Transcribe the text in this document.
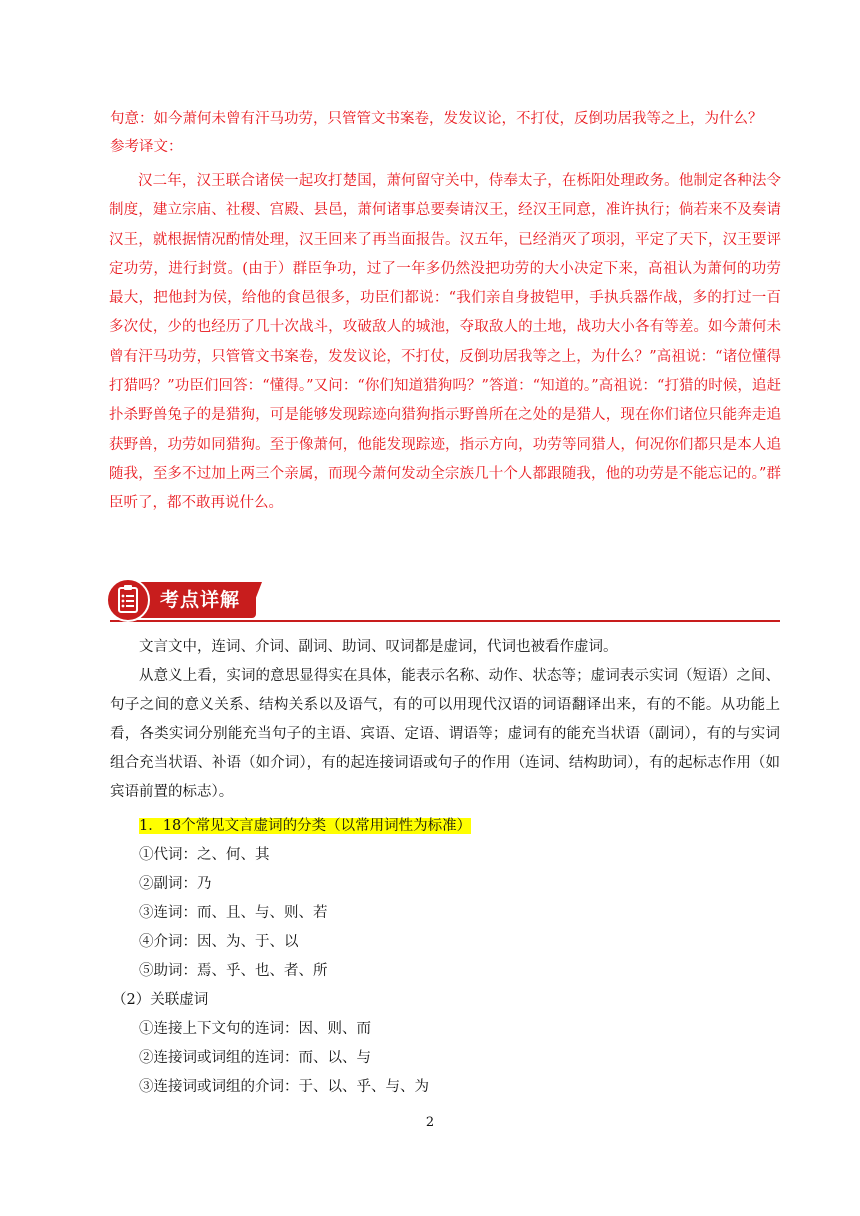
句意：如今萧何未曾有汗马功劳，只管管文书案卷，发发议论，不打仗，反倒功居我等之上，为什么？
参考译文：

汉二年，汉王联合诸侯一起攻打楚国，萧何留守关中，侍奉太子，在栎阳处理政务。他制定各种法令制度，建立宗庙、社稷、宫殿、县邑，萧何诸事总要奏请汉王，经汉王同意，准许执行；倘若来不及奏请汉王，就根据情况酌情处理，汉王回来了再当面报告。汉五年，已经消灭了项羽，平定了天下，汉王要评定功劳，进行封赏。(由于）群臣争功，过了一年多仍然没把功劳的大小决定下来，高祖认为萧何的功劳最大，把他封为侯，给他的食邑很多，功臣们都说：“我们亲自身披铠甲，手执兵器作战，多的打过一百多次仗，少的也经历了几十次战斗，攻破敌人的城池，夺取敌人的土地，战功大小各有等差。如今萧何未曾有汗马功劳，只管管文书案卷，发发议论，不打仗，反倒功居我等之上，为什么？”高祖说：“诸位懂得打猎吗？”功臣们回答：“懂得。”又问：“你们知道猎狗吗？”答道：“知道的。”高祖说：“打猎的时候，追赶扑杀野兽兔子的是猎狗，可是能够发现踪迹向猎狗指示野兽所在之处的是猎人，现在你们诸位只能奔走追获野兽，功劳如同猎狗。至于像萧何，他能发现踪迹，指示方向，功劳等同猎人，何况你们都只是本人追随我，至多不过加上两三个亲属，而现今萧何发动全宗族几十个人都跟随我，他的功劳是不能忘记的。”群臣听了，都不敢再说什么。

考点详解

文言文中，连词、介词、副词、助词、叹词都是虚词，代词也被看作虚词。

从意义上看，实词的意思显得实在具体，能表示名称、动作、状态等；虚词表示实词（短语）之间、句子之间的意义关系、结构关系以及语气，有的可以用现代汉语的词语翻译出来，有的不能。从功能上看，各类实词分别能充当句子的主语、宾语、定语、谓语等；虚词有的能充当状语（副词），有的与实词组合充当状语、补语（如介词），有的起连接词语或句子的作用（连词、结构助词），有的起标志作用（如宾语前置的标志）。

1．18个常见文言虚词的分类（以常用词性为标准）
①代词：之、何、其
②副词：乃
③连词：而、且、与、则、若
④介词：因、为、于、以
⑤助词：焉、乎、也、者、所
（2）关联虚词
①连接上下文句的连词：因、则、而
②连接词或词组的连词：而、以、与
③连接词或词组的介词：于、以、乎、与、为
2
